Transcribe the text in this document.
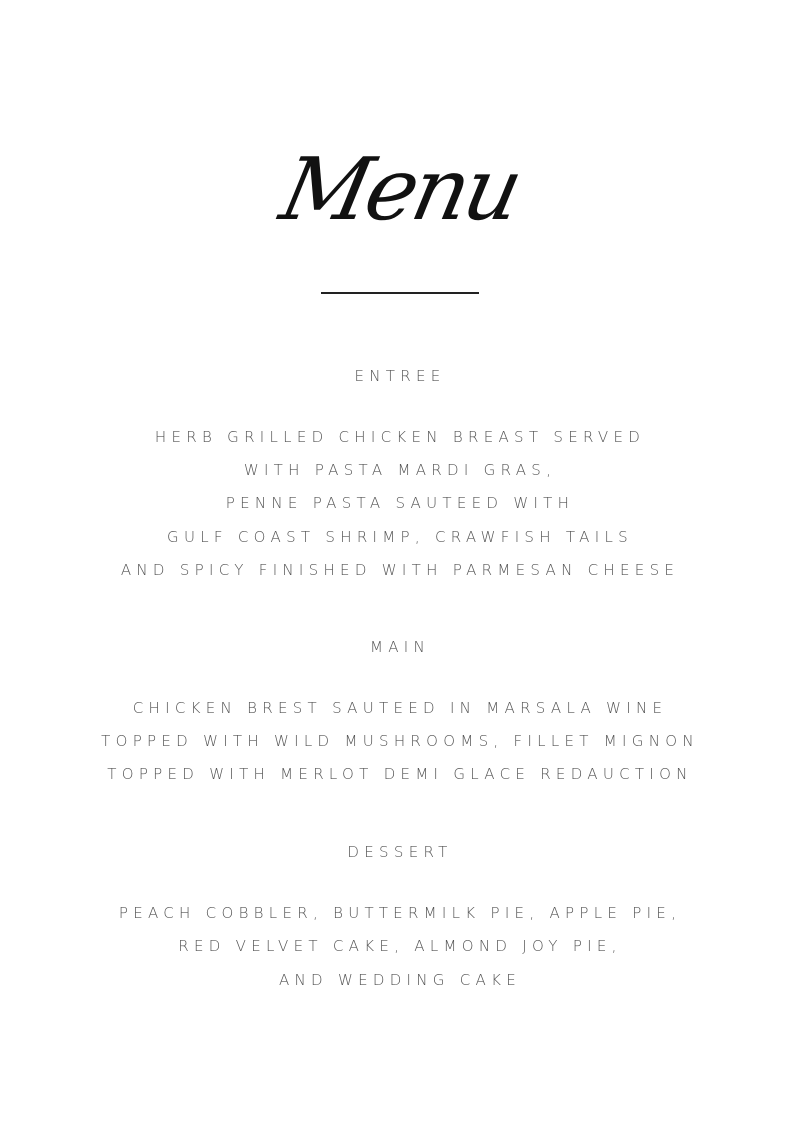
Menu
ENTREE
HERB GRILLED CHICKEN BREAST SERVED
WITH PASTA MARDI GRAS,
PENNE PASTA SAUTEED WITH
GULF COAST SHRIMP, CRAWFISH TAILS
AND SPICY FINISHED WITH PARMESAN CHEESE
MAIN
CHICKEN BREST SAUTEED IN MARSALA WINE
TOPPED WITH WILD MUSHROOMS, FILLET MIGNON
TOPPED WITH MERLOT DEMI GLACE REDAUCTION
DESSERT
PEACH COBBLER, BUTTERMILK PIE, APPLE PIE,
RED VELVET CAKE, ALMOND JOY PIE,
AND WEDDING CAKE
